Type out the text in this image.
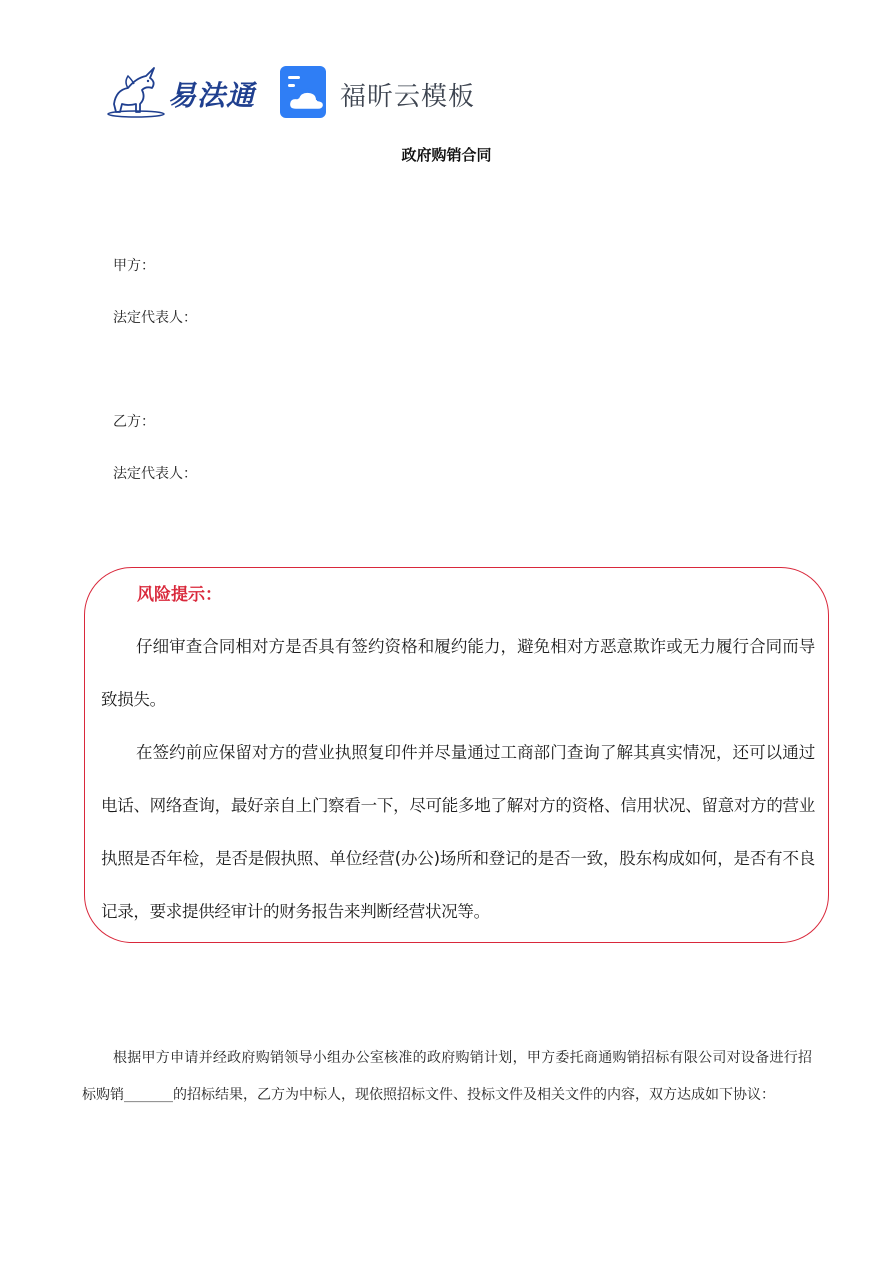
易法通	福昕云模板
政府购销合同
甲方：
法定代表人：
乙方：
法定代表人：
风险提示：

仔细审查合同相对方是否具有签约资格和履约能力，避免相对方恶意欺诈或无力履行合同而导致损失。

在签约前应保留对方的营业执照复印件并尽量通过工商部门查询了解其真实情况，还可以通过电话、网络查询，最好亲自上门察看一下，尽可能多地了解对方的资格、信用状况、留意对方的营业执照是否年检，是否是假执照、单位经营(办公)场所和登记的是否一致，股东构成如何，是否有不良记录，要求提供经审计的财务报告来判断经营状况等。

根据甲方申请并经政府购销领导小组办公室核准的政府购销计划，甲方委托商通购销招标有限公司对设备进行招标购销_______的招标结果，乙方为中标人，现依照招标文件、投标文件及相关文件的内容，双方达成如下协议：
